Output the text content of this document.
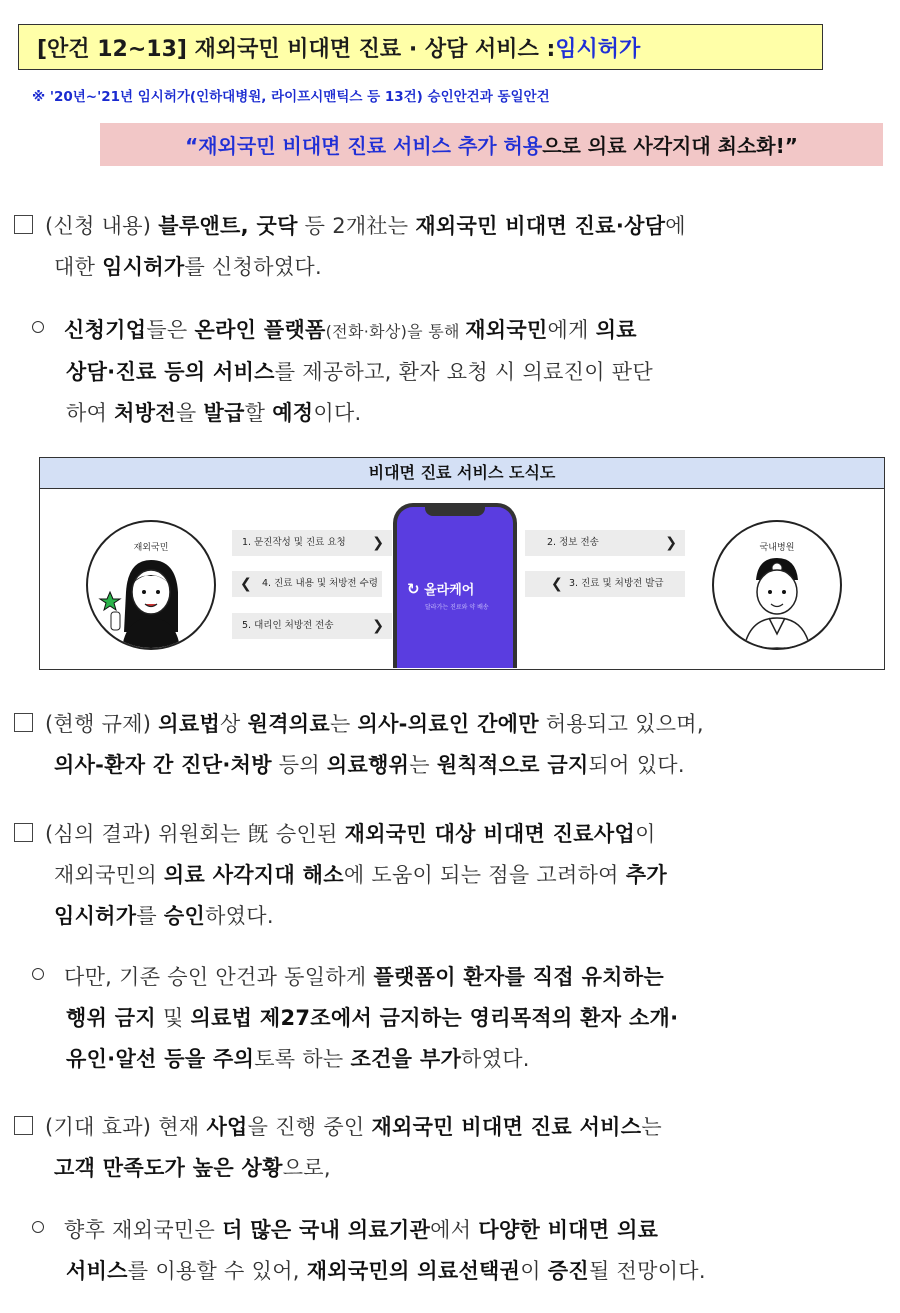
[안건 12~13] 재외국민 비대면 진료 · 상담 서비스 : 임시허가
※ '20년~'21년 임시허가(인하대병원, 라이프시맨틱스 등 13건) 승인안건과 동일안건
“재외국민 비대면 진료 서비스 추가 허용 으로 의료 사각지대 최소화!”
(신청 내용) 블루앤트, 굿닥 등 2개社는 재외국민 비대면 진료·상담에
대한 임시허가를 신청하였다.
신청기업들은 온라인 플랫폼(전화·화상)을 통해 재외국민에게 의료
상담·진료 등의 서비스를 제공하고, 환자 요청 시 의료진이 판단
하여 처방전을 발급할 예정이다.
비대면 진료 서비스 도식도
재외국민	1. 문진작성 및 진료 요청 ❯
❮ 4. 진료 내용 및 처방전 수령
5. 대리인 처방전 전송	❯
2. 정보 전송	❯
❮ 3. 진료 및 처방전 발급
국내병원
↻ 올라케어
달라가는 진료와 약 배송
(현행 규제) 의료법상 원격의료는 의사-의료인 간에만 허용되고 있으며,
의사-환자 간 진단·처방 등의 의료행위는 원칙적으로 금지되어 있다.
(심의 결과) 위원회는 旣 승인된 재외국민 대상 비대면 진료사업이
재외국민의 의료 사각지대 해소에 도움이 되는 점을 고려하여 추가
임시허가를 승인하였다.
다만, 기존 승인 안건과 동일하게 플랫폼이 환자를 직접 유치하는
행위 금지 및 의료법 제27조에서 금지하는 영리목적의 환자 소개·
유인·알선 등을 주의토록 하는 조건을 부가하였다.
(기대 효과) 현재 사업을 진행 중인 재외국민 비대면 진료 서비스는
고객 만족도가 높은 상황으로,
향후 재외국민은 더 많은 국내 의료기관에서 다양한 비대면 의료
서비스를 이용할 수 있어, 재외국민의 의료선택권이 증진될 전망이다.
